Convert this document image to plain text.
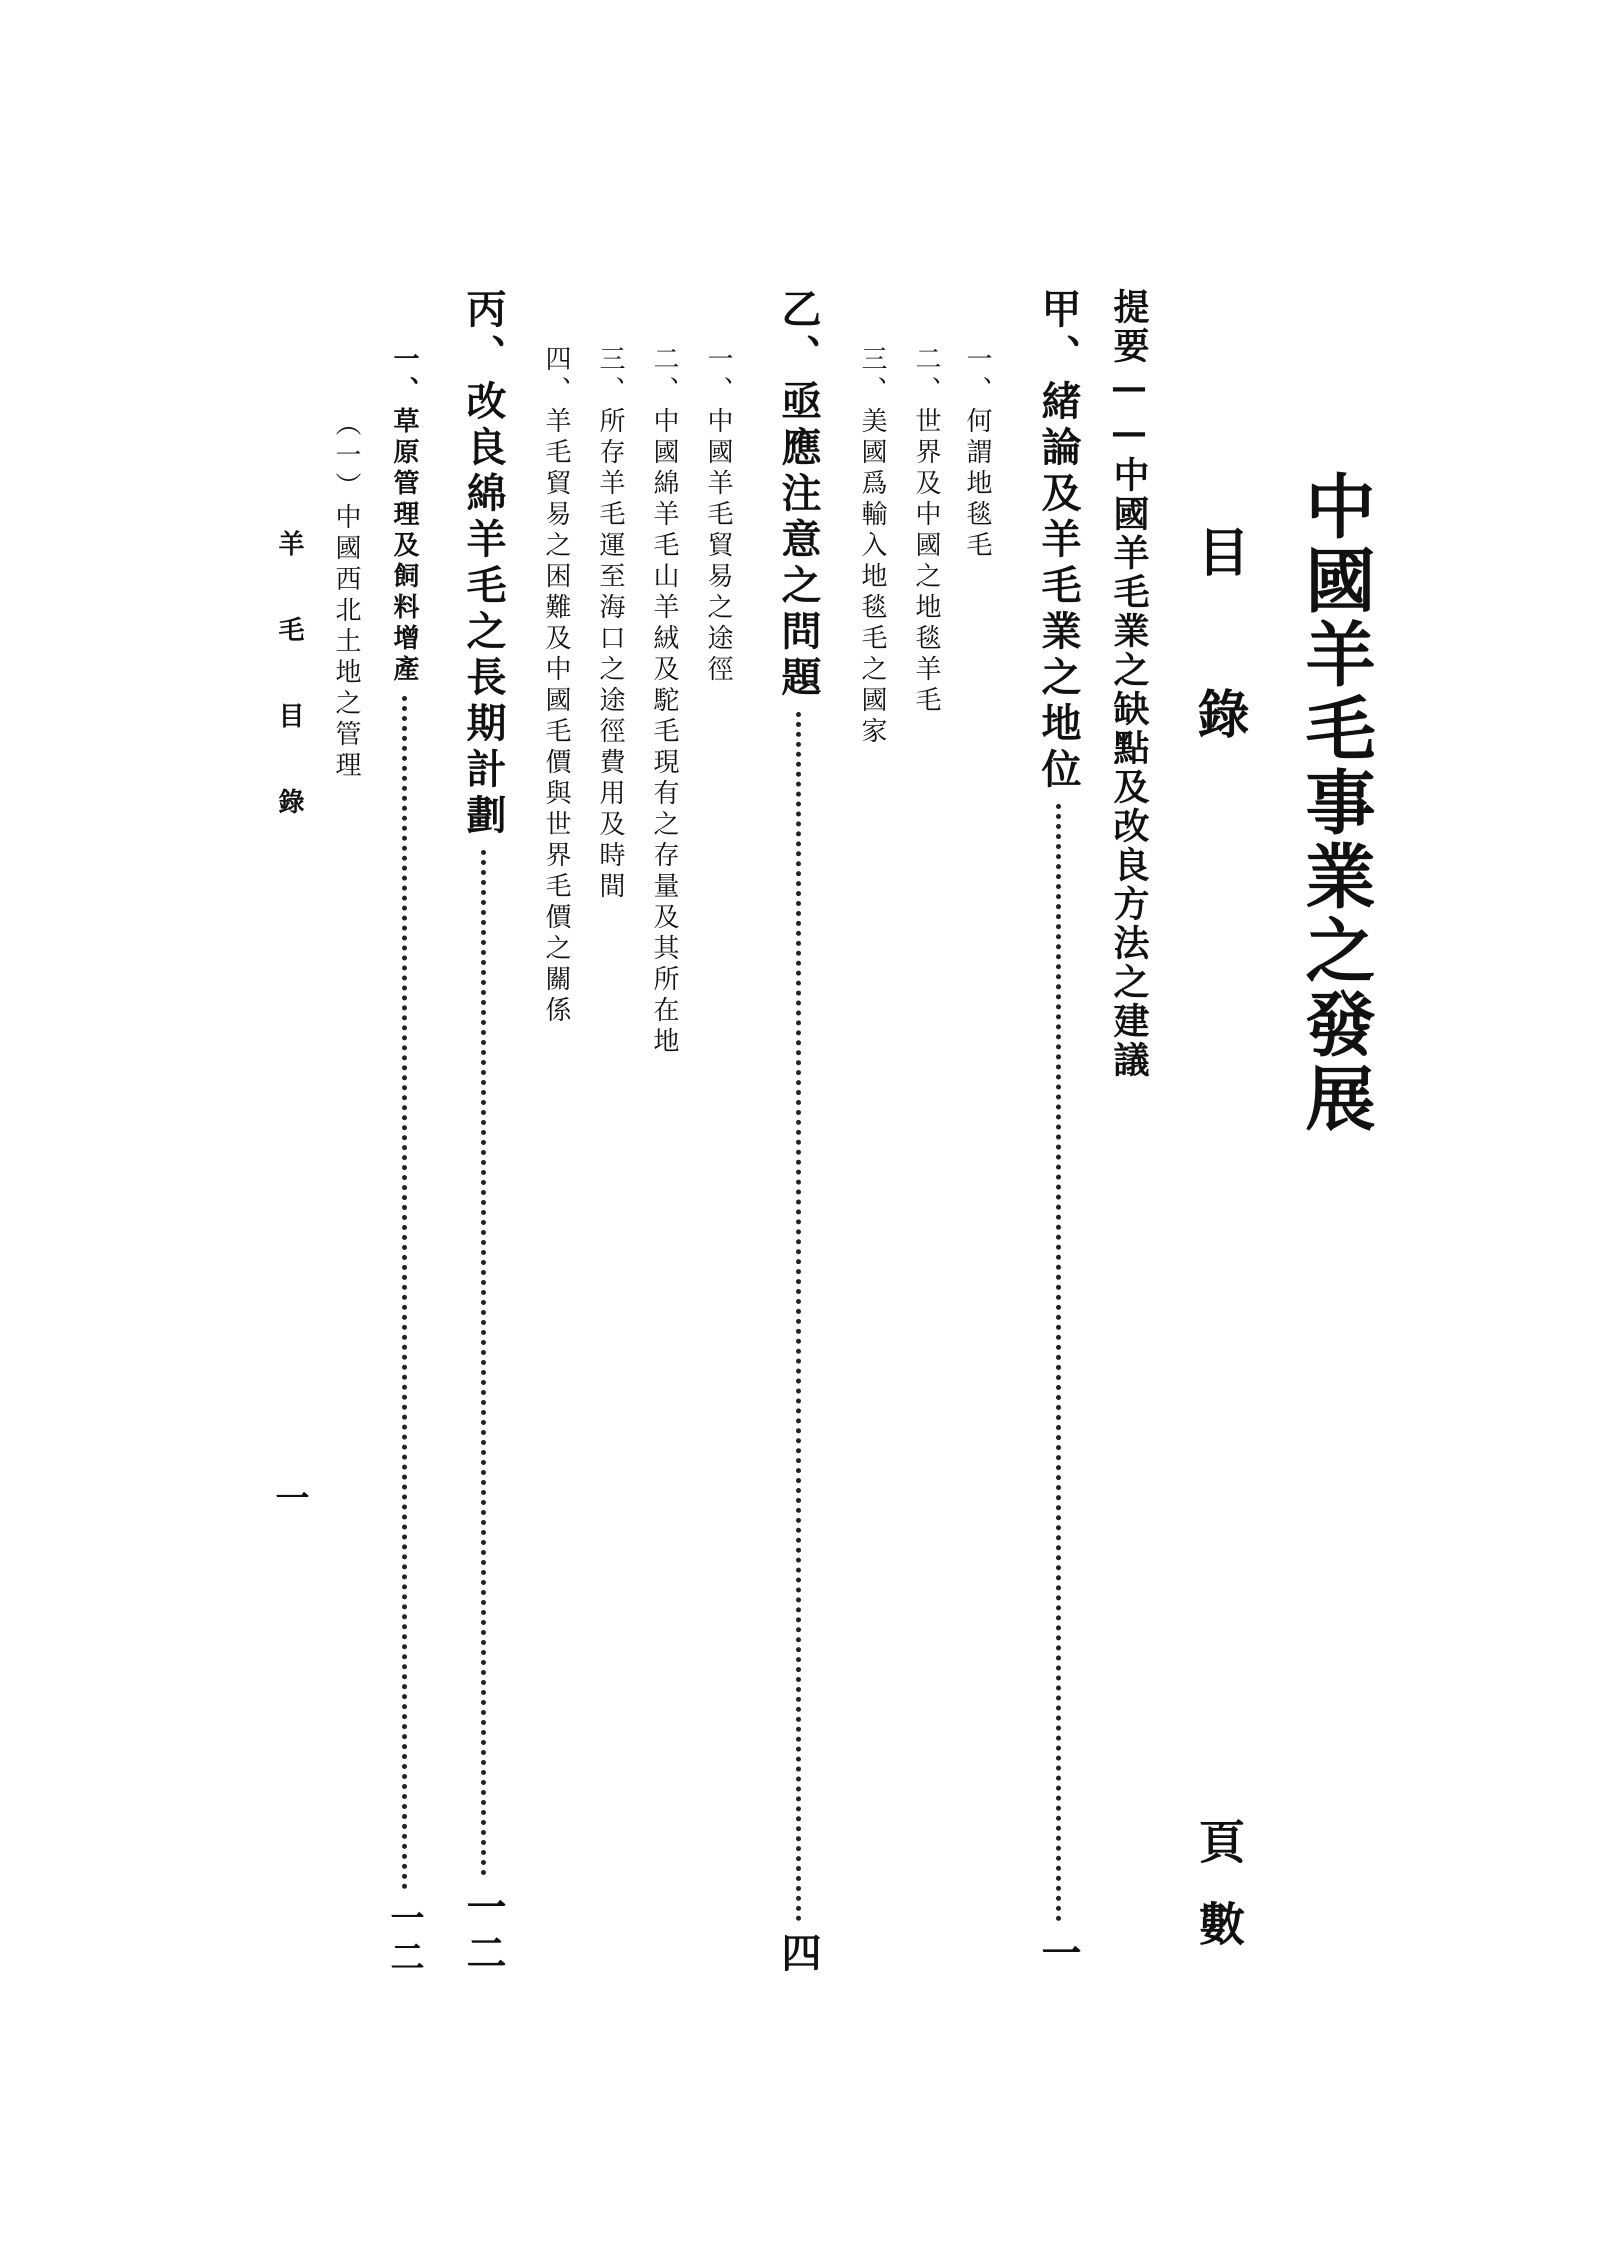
中國羊毛事業之發展
目錄
頁數
提要——中國羊毛業之缺點及改良方法之建議
甲、緒論及羊毛業之地位
一
一、何謂地毯毛
二、世界及中國之地毯羊毛
三、美國爲輸入地毯毛之國家
乙、亟應注意之問題
四
一、中國羊毛貿易之途徑
二、中國綿羊毛山羊絨及駝毛現有之存量及其所在地
三、所存羊毛運至海口之途徑費用及時間
四、羊毛貿易之困難及中國毛價與世界毛價之關係
丙、改良綿羊毛之長期計劃
一二
一、草原管理及飼料增產
一二
（一）中國西北土地之管理
羊毛目錄
一
